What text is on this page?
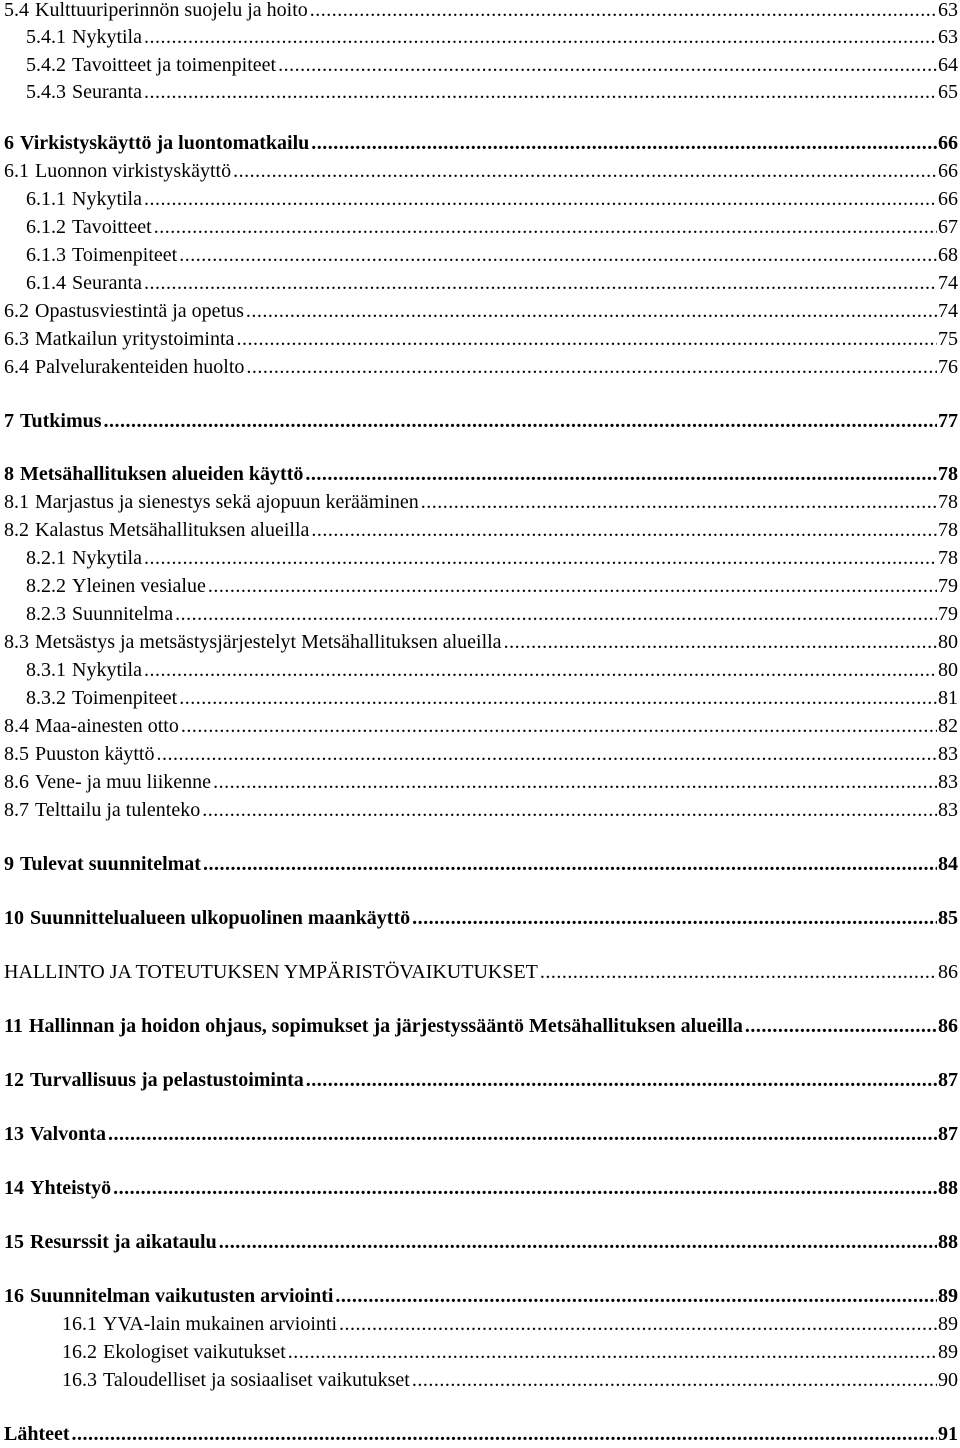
5.4 Kulttuuriperinnön suojelu ja hoito .....	63
5.4.1 Nykytila .....	63
5.4.2 Tavoitteet ja toimenpiteet .....	64
5.4.3 Seuranta .....	65
6 Virkistyskäyttö ja luontomatkailu .....	66
6.1 Luonnon virkistyskäyttö .....	66
6.1.1 Nykytila .....	66
6.1.2 Tavoitteet .....	67
6.1.3 Toimenpiteet .....	68
6.1.4 Seuranta .....	74
6.2 Opastusviestintä ja opetus .....	74
6.3 Matkailun yritystoiminta .....	75
6.4 Palvelurakenteiden huolto .....	76
7 Tutkimus .....	77
8 Metsähallituksen alueiden käyttö .....	78
8.1 Marjastus ja sienestys sekä ajopuun kerääminen .....	78
8.2 Kalastus Metsähallituksen alueilla .....	78
8.2.1 Nykytila .....	78
8.2.2 Yleinen vesialue .....	79
8.2.3 Suunnitelma .....	79
8.3 Metsästys ja metsästysjärjestelyt Metsähallituksen alueilla .....	80
8.3.1 Nykytila .....	80
8.3.2 Toimenpiteet .....	81
8.4 Maa-ainesten otto .....	82
8.5 Puuston käyttö .....	83
8.6 Vene- ja muu liikenne .....	83
8.7 Telttailu ja tulenteko .....	83
9 Tulevat suunnitelmat .....	84
10 Suunnittelualueen ulkopuolinen maankäyttö .....	85
HALLINTO JA TOTEUTUKSEN YMPÄRISTÖVAIKUTUKSET .....	86
11 Hallinnan ja hoidon ohjaus, sopimukset ja järjestyssääntö Metsähallituksen alueilla .....	86
12 Turvallisuus ja pelastustoiminta .....	87
13 Valvonta .....	87
14 Yhteistyö .....	88
15 Resurssit ja aikataulu .....	88
16 Suunnitelman vaikutusten arviointi .....	89
16.1 YVA-lain mukainen arviointi .....	89
16.2 Ekologiset vaikutukset .....	89
16.3 Taloudelliset ja sosiaaliset vaikutukset .....	90
Lähteet .....	91
